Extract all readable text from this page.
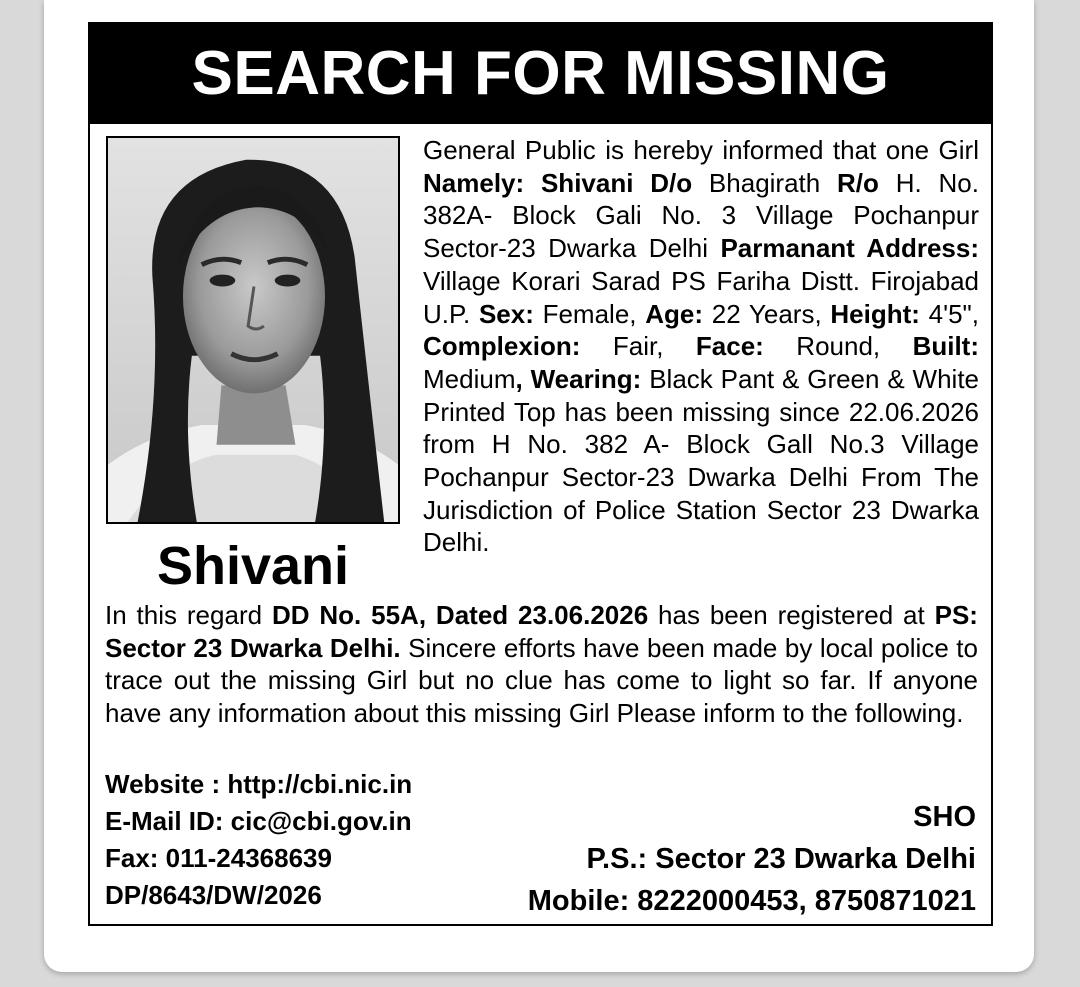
SEARCH FOR MISSING
Shivani
General Public is hereby informed that one Girl Namely: Shivani D/o Bhagirath R/o H. No. 382A- Block Gali No. 3 Village Pochanpur Sector-23 Dwarka Delhi Parmanant Address: Village Korari Sarad PS Fariha Distt. Firojabad U.P. Sex: Female, Age: 22 Years, Height: 4'5", Complexion: Fair, Face: Round, Built: Medium, Wearing: Black Pant & Green & White Printed Top has been missing since 22.06.2026 from H No. 382 A- Block Gall No.3 Village Pochanpur Sector-23 Dwarka Delhi From The Jurisdiction of Police Station Sector 23 Dwarka Delhi.
In this regard DD No. 55A, Dated 23.06.2026 has been registered at PS: Sector 23 Dwarka Delhi. Sincere efforts have been made by local police to trace out the missing Girl but no clue has come to light so far. If anyone have any information about this missing Girl Please inform to the following.
Website : http://cbi.nic.in
E-Mail ID: cic@cbi.gov.in
Fax: 011-24368639
DP/8643/DW/2026
SHO
P.S.: Sector 23 Dwarka Delhi
Mobile: 8222000453, 8750871021
